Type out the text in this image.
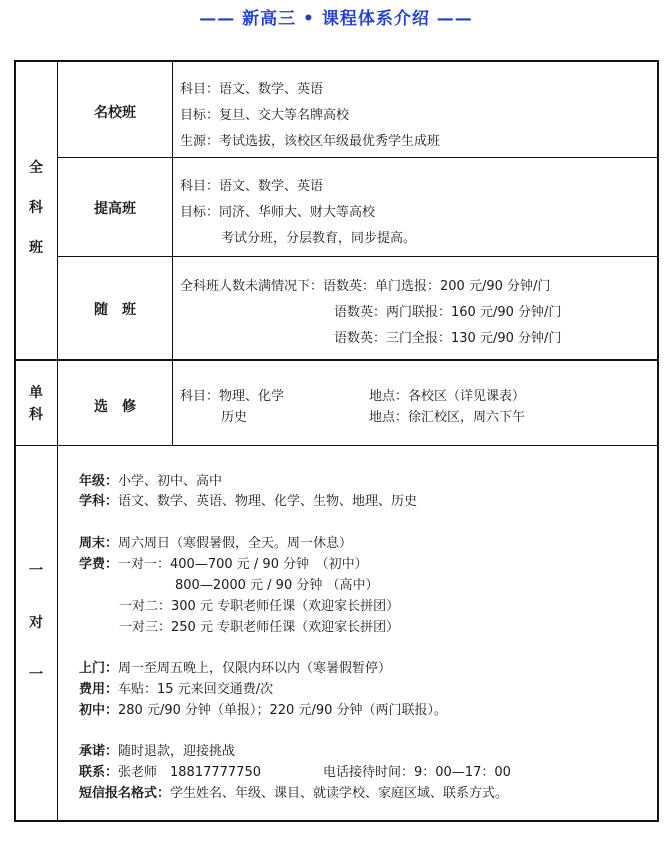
—— 新高三 • 课程体系介绍 ——
全
科
班
名校班
科目：语文、数学、英语
目标：复旦、交大等名牌高校
生源：考试选拔，该校区年级最优秀学生成班
提高班
科目：语文、数学、英语
目标：同济、华师大、财大等高校
考试分班，分层教育，同步提高。
随　班
全科班人数未满情况下：语数英：单门选报：200 元/90 分钟/门
语数英：两门联报：160 元/90 分钟/门
语数英：三门全报：130 元/90 分钟/门
单
科	选　修
科目：物理、化学
历史
地点：各校区（详见课表）
地点：徐汇校区，周六下午
一
对
一
年级：小学、初中、高中
学科：语文、数学、英语、物理、化学、生物、地理、历史
周末：周六周日（寒假暑假，全天。周一休息）
学费：一对一：400—700 元 / 90 分钟　（初中）
800—2000 元 / 90 分钟 （高中）
一对二：300 元 专职老师任课（欢迎家长拼团）
一对三：250 元 专职老师任课（欢迎家长拼团）
上门：周一至周五晚上，仅限内环以内（寒暑假暂停）
费用：车贴：15 元来回交通费/次
初中：280 元/90 分钟（单报）；220 元/90 分钟（两门联报）。
承诺：随时退款，迎接挑战
联系：张老师　18817777750	电话接待时间：9：00—17：00
短信报名格式：学生姓名、年级、课目、就读学校、家庭区域、联系方式。
